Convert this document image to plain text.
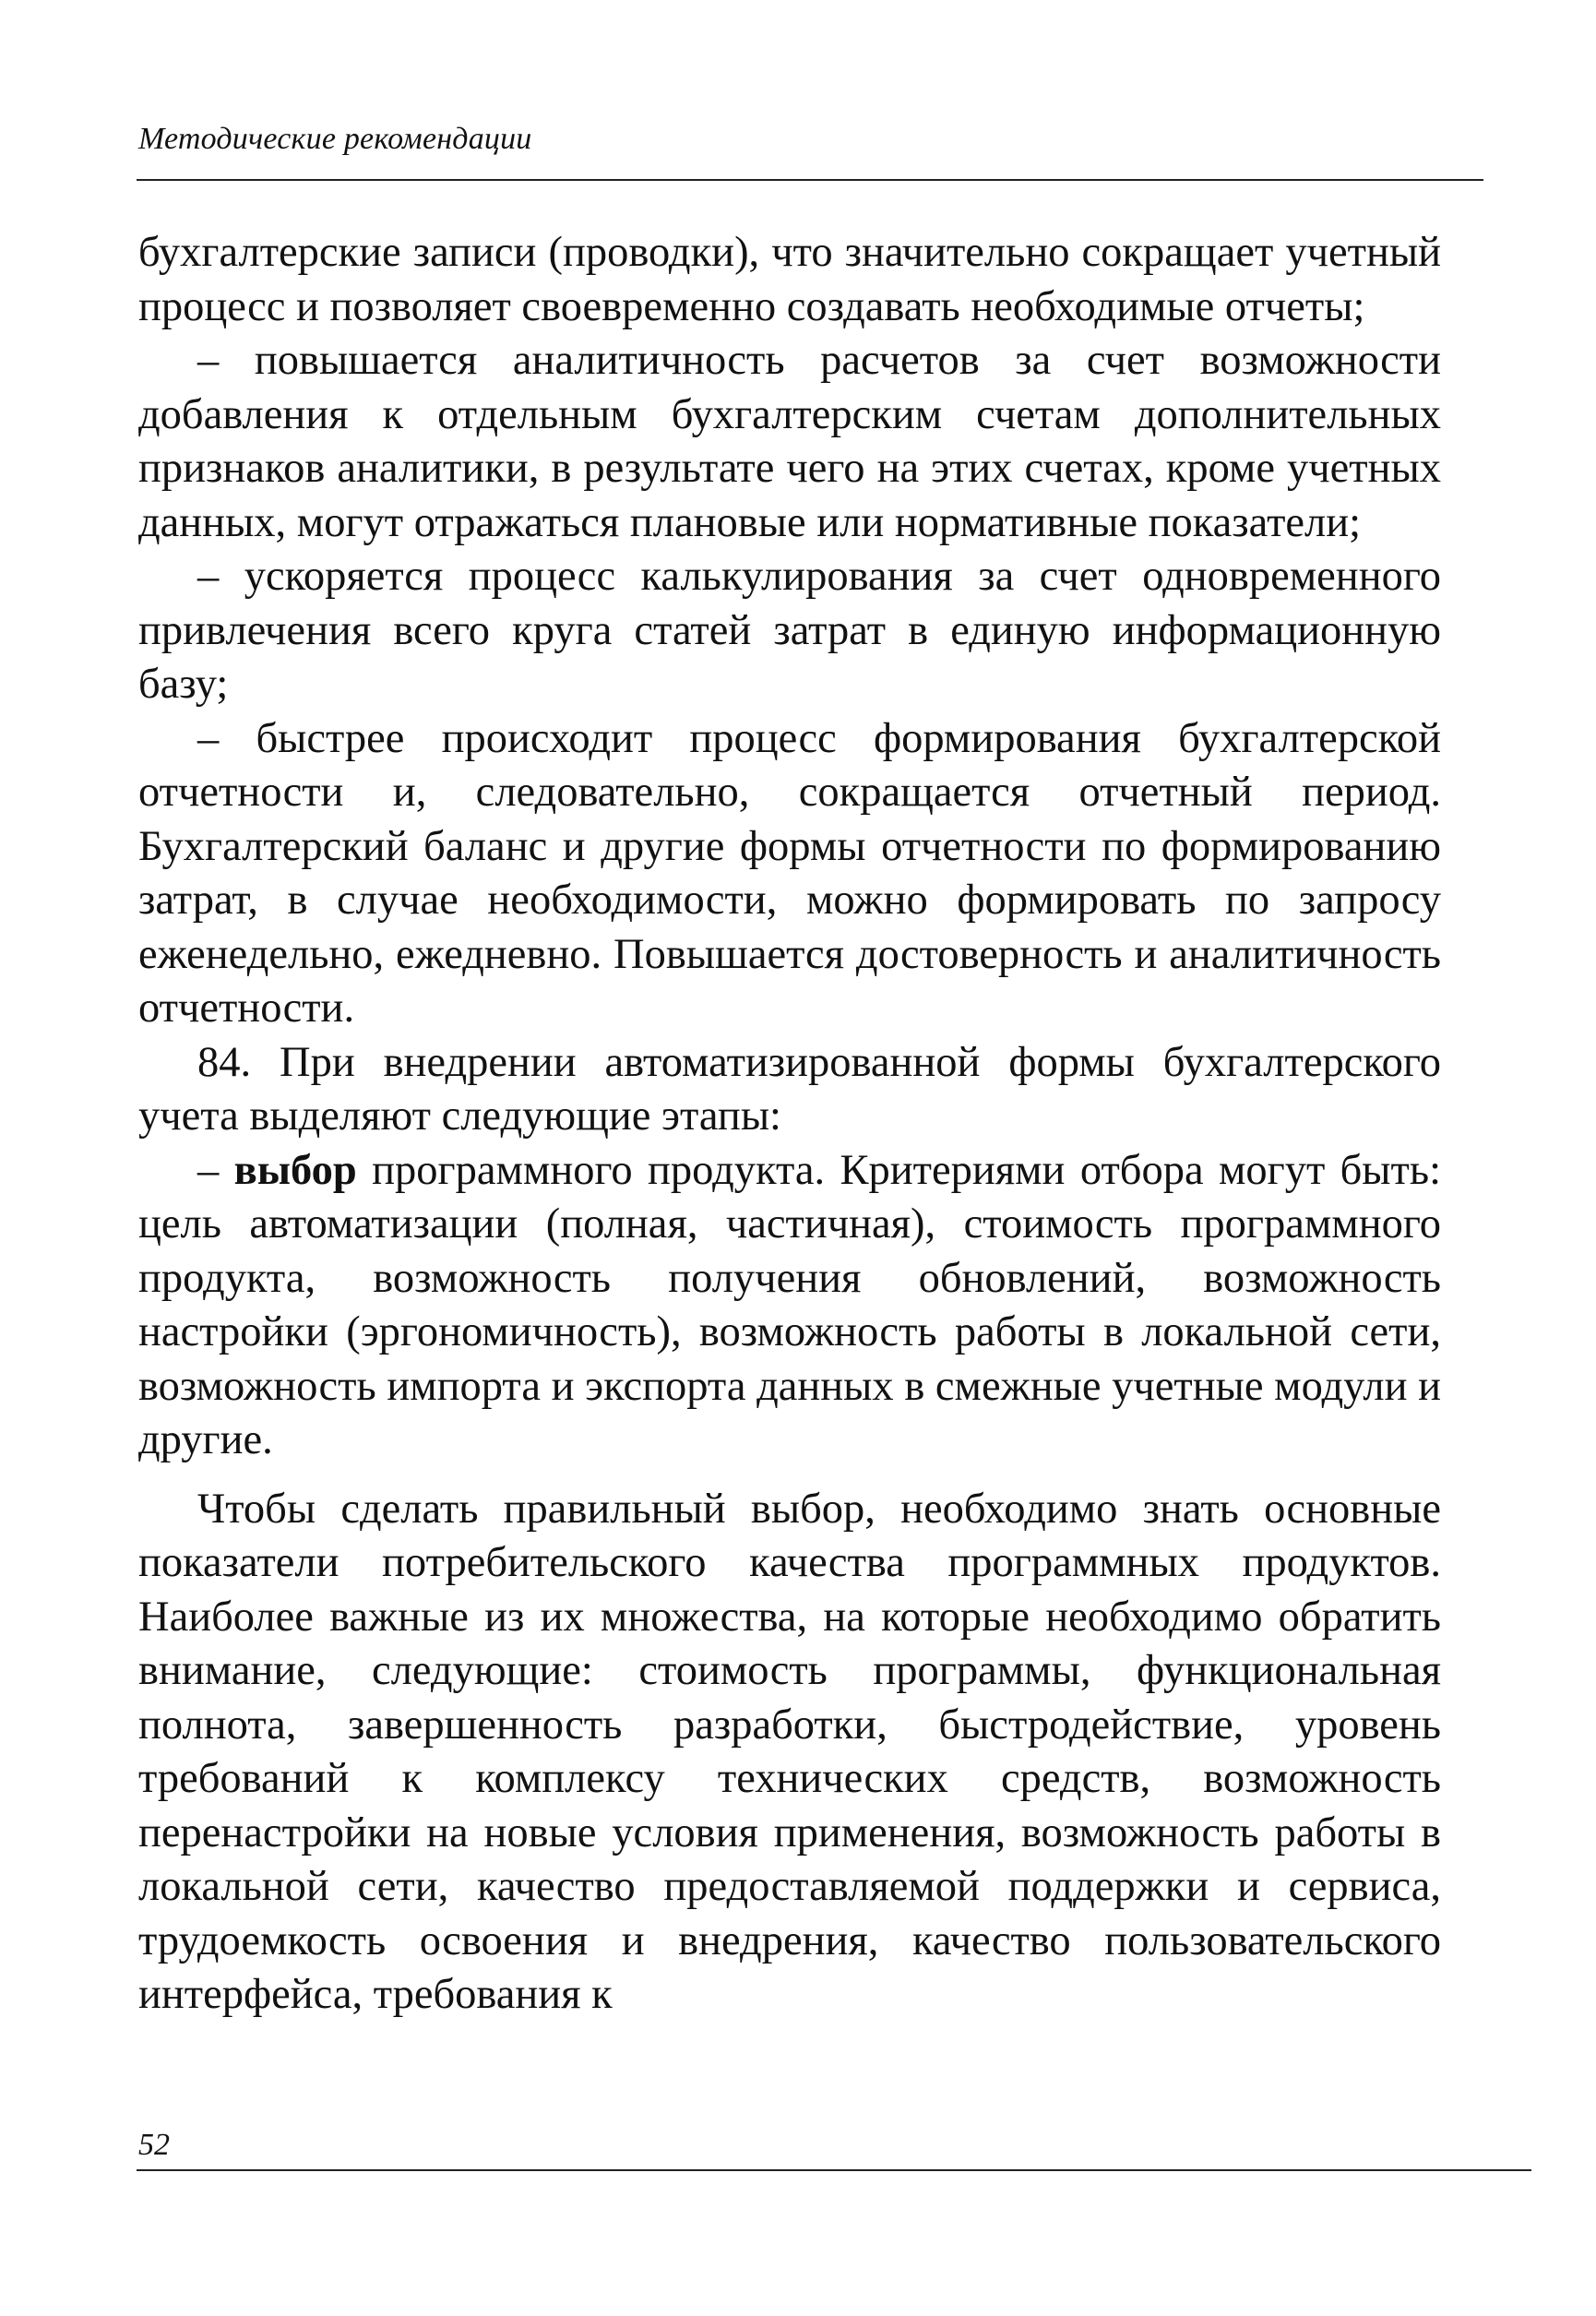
Методические рекомендации

бухгалтерские записи (проводки), что значительно сокращает учетный процесс и позволяет своевременно создавать необходимые отчеты;

– повышается аналитичность расчетов за счет возможности добавления к отдельным бухгалтерским счетам дополнительных признаков аналитики, в результате чего на этих счетах, кроме учетных данных, могут отражаться плановые или нормативные показатели;

– ускоряется процесс калькулирования за счет одновременного привлечения всего круга статей затрат в единую информационную базу;

– быстрее происходит процесс формирования бухгалтерской отчетности и, следовательно, сокращается отчетный период. Бухгалтерский баланс и другие формы отчетности по формированию затрат, в случае необходимости, можно формировать по запросу еженедельно, ежедневно. Повышается достоверность и аналитичность отчетности.

84. При внедрении автоматизированной формы бухгалтерского учета выделяют следующие этапы:

– выбор программного продукта. Критериями отбора могут быть: цель автоматизации (полная, частичная), стоимость программного продукта, возможность получения обновлений, возможность настройки (эргономичность), возможность работы в локальной сети, возможность импорта и экспорта данных в смежные учетные модули и другие.

Чтобы сделать правильный выбор, необходимо знать основные показатели потребительского качества программных продуктов. Наиболее важные из их множества, на которые необходимо обратить внимание, следующие: стоимость программы, функциональная полнота, завершенность разработки, быстродействие, уровень требований к комплексу технических средств, возможность перенастройки на новые условия применения, возможность работы в локальной сети, качество предоставляемой поддержки и сервиса, трудоемкость освоения и внедрения, качество пользовательского интерфейса, требования к

52
